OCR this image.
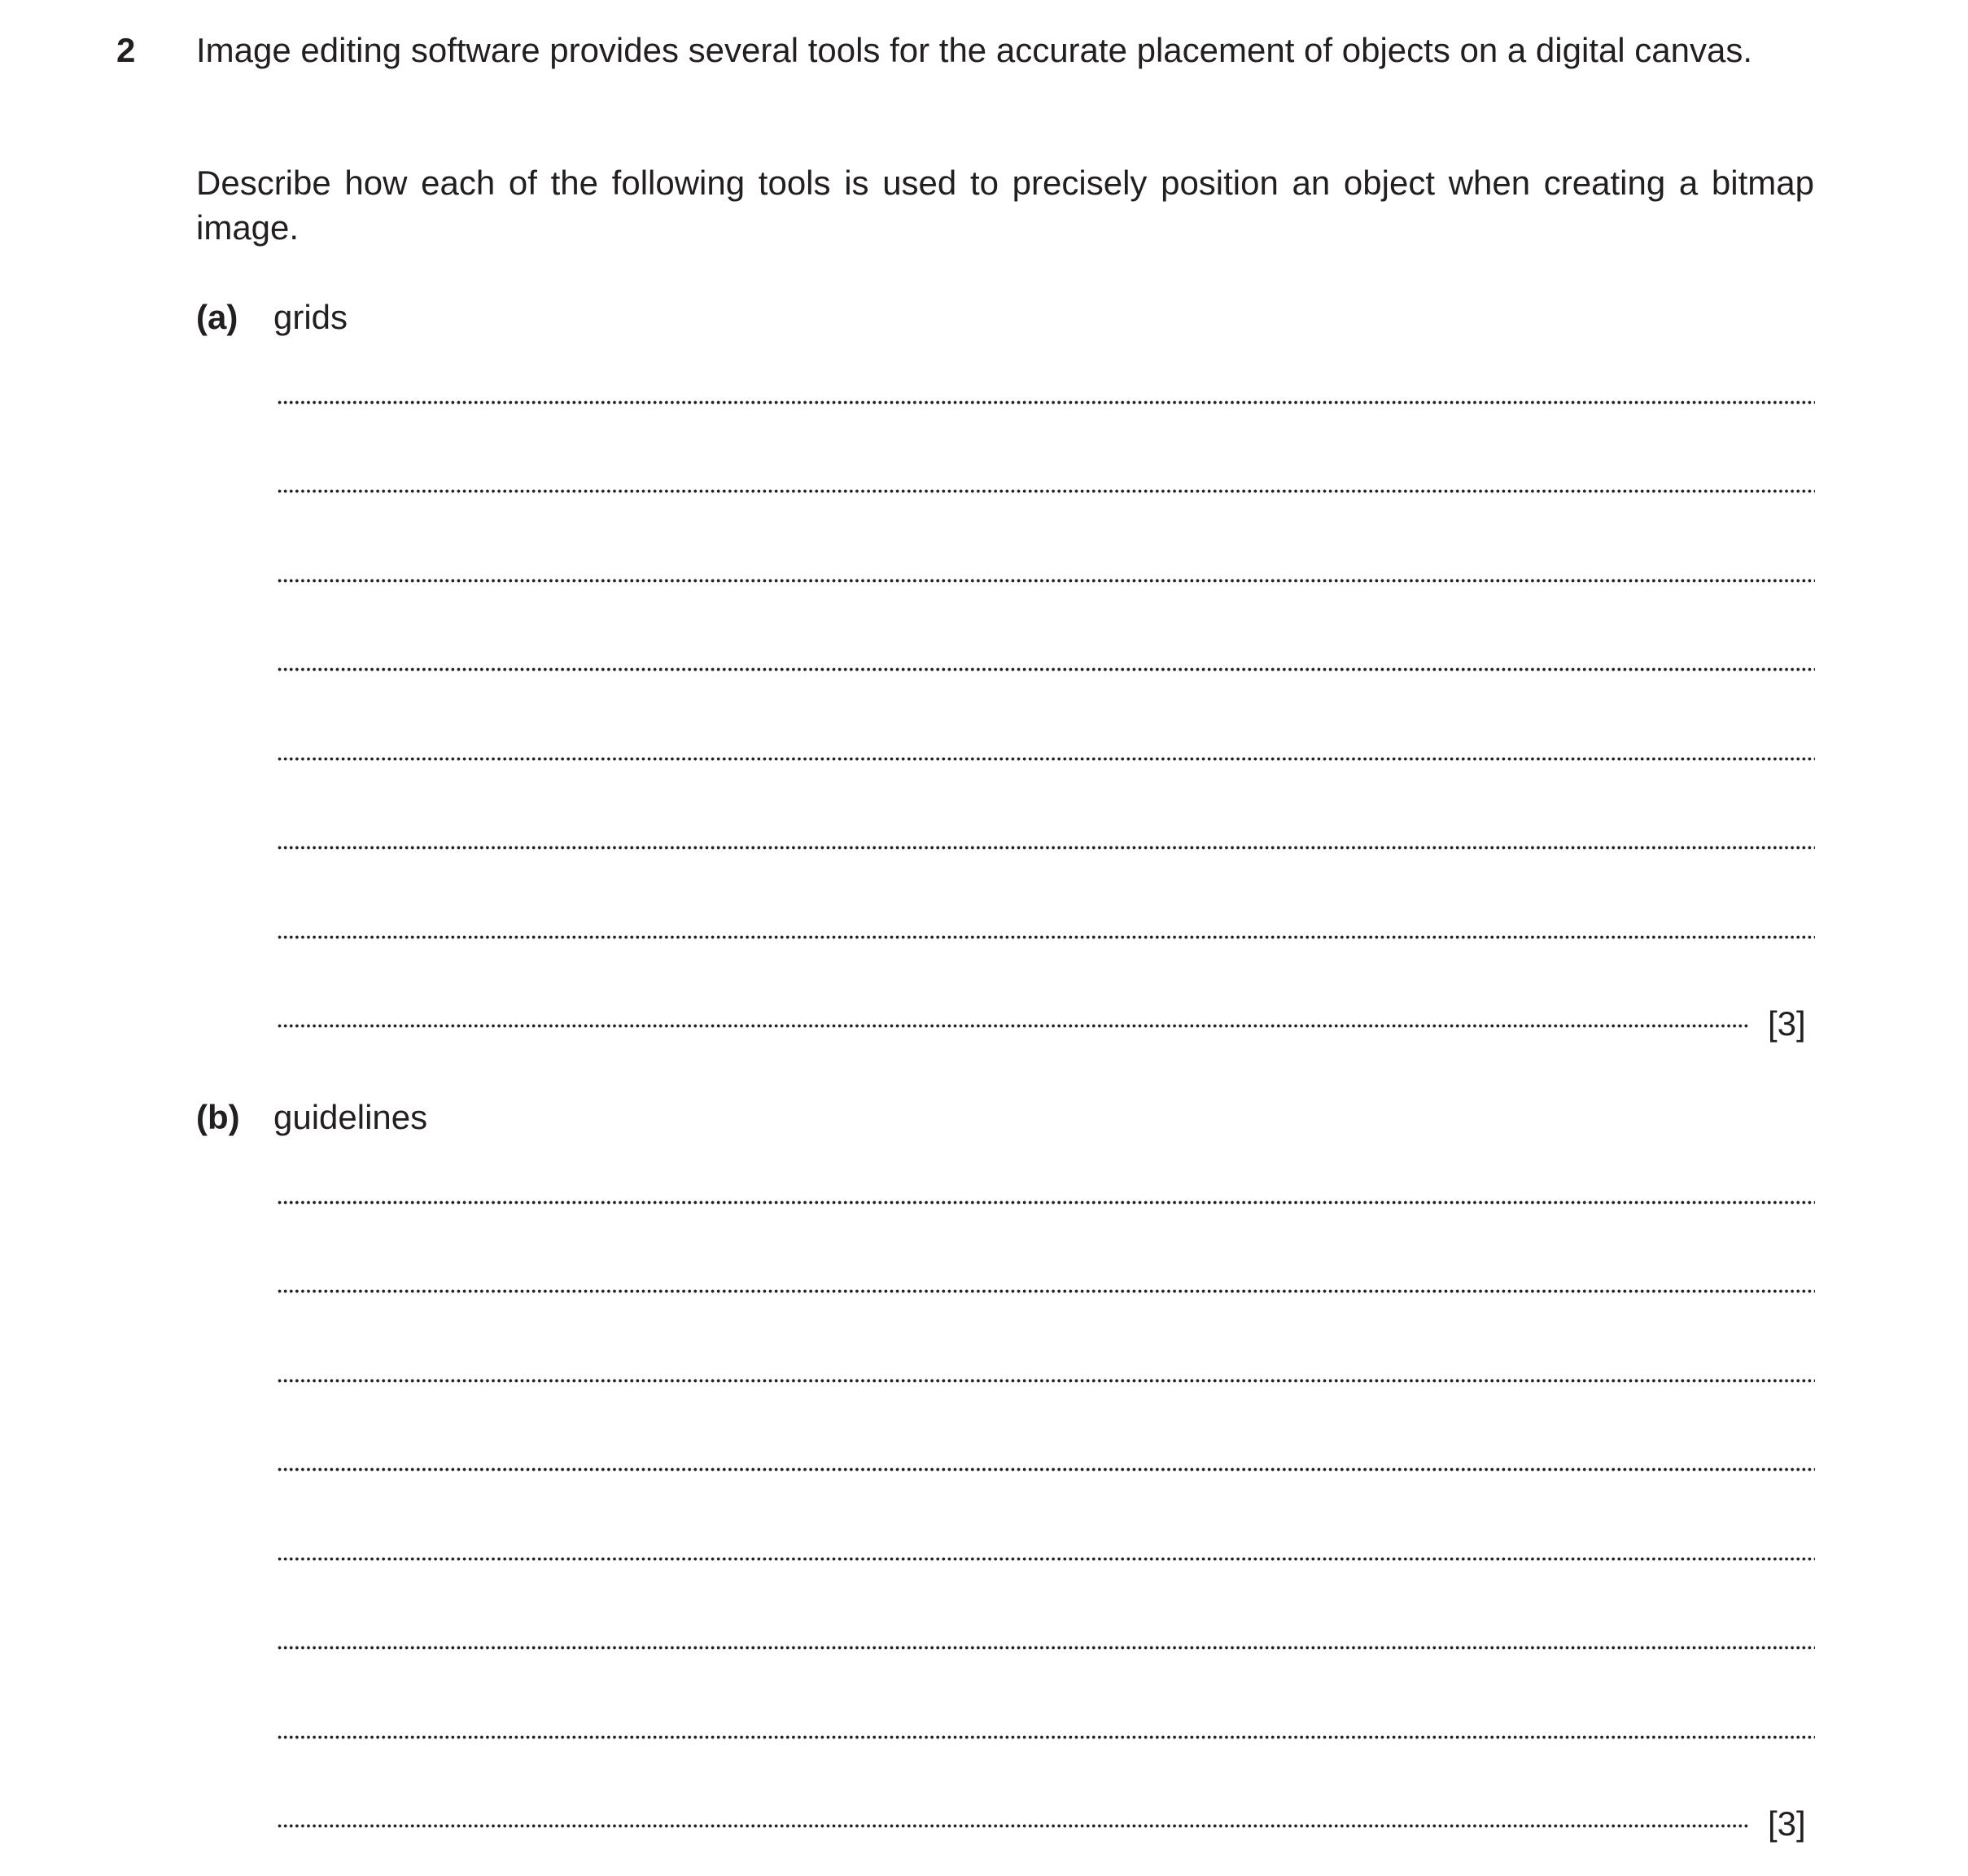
2 Image editing software provides several tools for the accurate placement of objects on a digital canvas.
Describe how each of the following tools is used to precisely position an object when creating a bitmap image.
(a) grids
[3]
(b) guidelines
[3]
